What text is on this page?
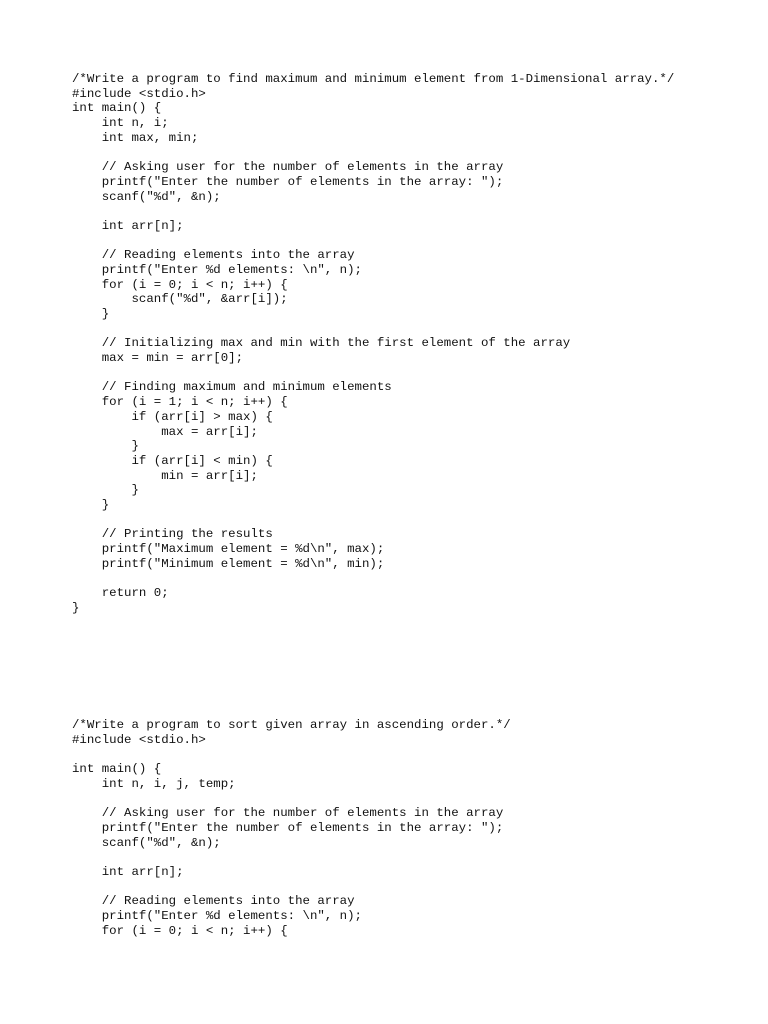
/*Write a program to find maximum and minimum element from 1-Dimensional array.*/
#include <stdio.h>
int main() {
int n, i;
int max, min;
// Asking user for the number of elements in the array
printf("Enter the number of elements in the array: ");
scanf("%d", &n);
int arr[n];
// Reading elements into the array
printf("Enter %d elements: \n", n);
for (i = 0; i < n; i++) {
scanf("%d", &arr[i]);
}
// Initializing max and min with the first element of the array
max = min = arr[0];
// Finding maximum and minimum elements
for (i = 1; i < n; i++) {
if (arr[i] > max) {
max = arr[i];
}
if (arr[i] < min) {
min = arr[i];
}
}
// Printing the results
printf("Maximum element = %d\n", max);
printf("Minimum element = %d\n", min);
return 0;
}
/*Write a program to sort given array in ascending order.*/
#include <stdio.h>
int main() {
int n, i, j, temp;
// Asking user for the number of elements in the array
printf("Enter the number of elements in the array: ");
scanf("%d", &n);
int arr[n];
// Reading elements into the array
printf("Enter %d elements: \n", n);
for (i = 0; i < n; i++) {
